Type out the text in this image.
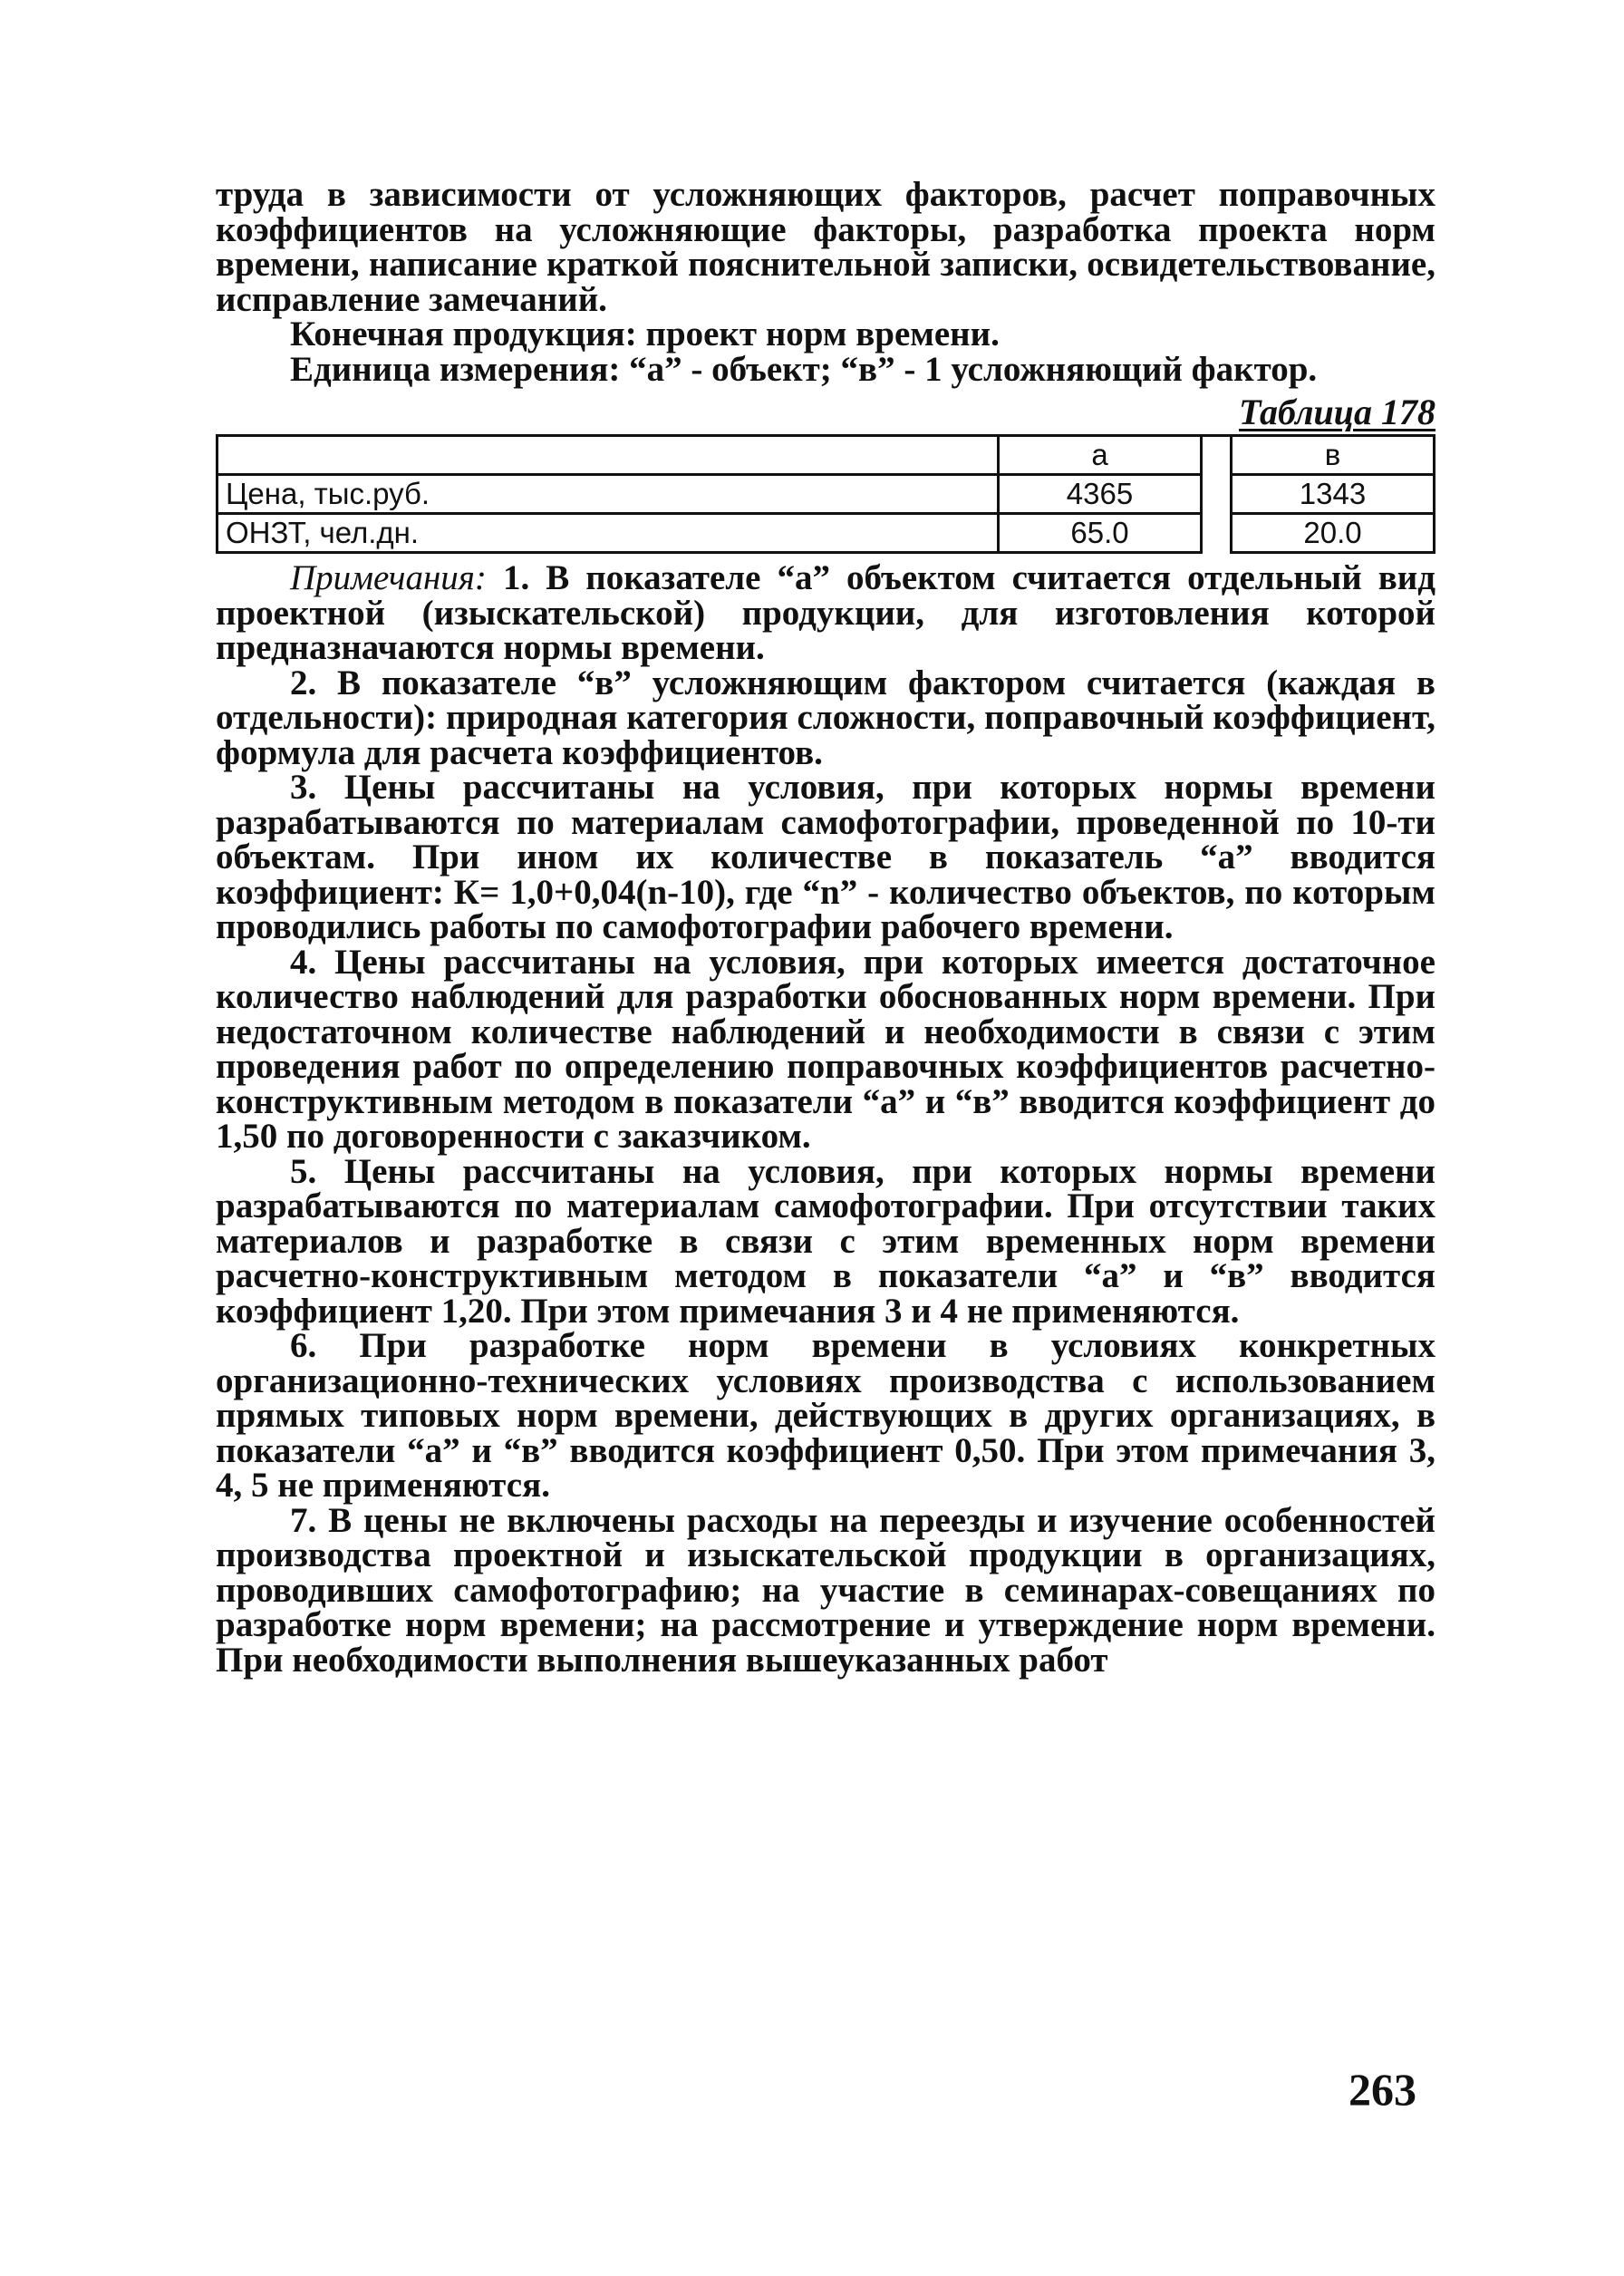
труда в зависимости от усложняющих факторов, расчет поправочных коэффициентов на усложняющие факторы, разработка проекта норм времени, написание краткой пояснительной записки, освидетельствование, исправление замечаний.

Конечная продукция: проект норм времени.

Единица измерения: “а” - объект; “в” - 1 усложняющий фактор.

Таблица 178
	а		в
Цена, тыс.руб.	4365		1343
ОНЗТ, чел.дн.	65.0		20.0

Примечания: 1. В показателе “а” объектом считается отдельный вид проектной (изыскательской) продукции, для изготовления которой предназначаются нормы времени.

2. В показателе “в” усложняющим фактором считается (каждая в отдельности): природная категория сложности, поправочный коэффициент, формула для расчета коэффициентов.

3. Цены рассчитаны на условия, при которых нормы времени разрабатываются по материалам самофотографии, проведенной по 10-ти объектам. При ином их количестве в показатель “а” вводится коэффициент: К= 1,0+0,04(n-10), где “n” - количество объектов, по которым проводились работы по самофотографии рабочего времени.

4. Цены рассчитаны на условия, при которых имеется достаточное количество наблюдений для разработки обоснованных норм времени. При недостаточном количестве наблюдений и необходимости в связи с этим проведения работ по определению поправочных коэффициентов расчетно-конструктивным методом в показатели “а” и “в” вводится коэффициент до 1,50 по договоренности с заказчиком.

5. Цены рассчитаны на условия, при которых нормы времени разрабатываются по материалам самофотографии. При отсутствии таких материалов и разработке в связи с этим временных норм времени расчетно-конструктивным методом в показатели “а” и “в” вводится коэффициент 1,20. При этом примечания 3 и 4 не применяются.

6. При разработке норм времени в условиях конкретных организационно-технических условиях производства с использованием прямых типовых норм времени, действующих в других организациях, в показатели “а” и “в” вводится коэффициент 0,50. При этом примечания 3, 4, 5 не применяются.

7. В цены не включены расходы на переезды и изучение особенностей производства проектной и изыскательской продукции в организациях, проводивших самофотографию; на участие в семинарах-совещаниях по разработке норм времени; на рассмотрение и утверждение норм времени. При необходимости выполнения вышеуказанных работ

263
